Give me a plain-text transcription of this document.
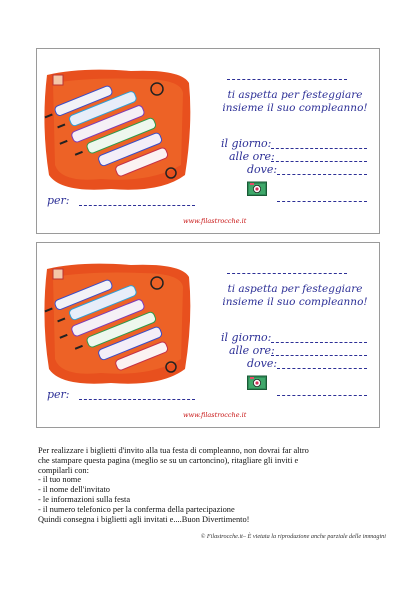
ti aspetta per festeggiare
insieme il suo compleanno!
il giorno:
alle ore:
dove:
per:
www.filastrocche.it
ti aspetta per festeggiare
insieme il suo compleanno!
il giorno:
alle ore:
dove:
per:
www.filastrocche.it
Per realizzare i biglietti d'invito alla tua festa di compleanno, non dovrai far altro
che stampare questa pagina (meglio se su un cartoncino), ritagliare gli inviti e
compilarli con:
- il tuo nome
- il nome dell'invitato
- le informazioni sulla festa
- il numero telefonico per la conferma della partecipazione
Quindi consegna i biglietti agli invitati e....Buon Divertimento!
© Filastrocche.it– È vietata la riproduzione anche parziale delle immagini
